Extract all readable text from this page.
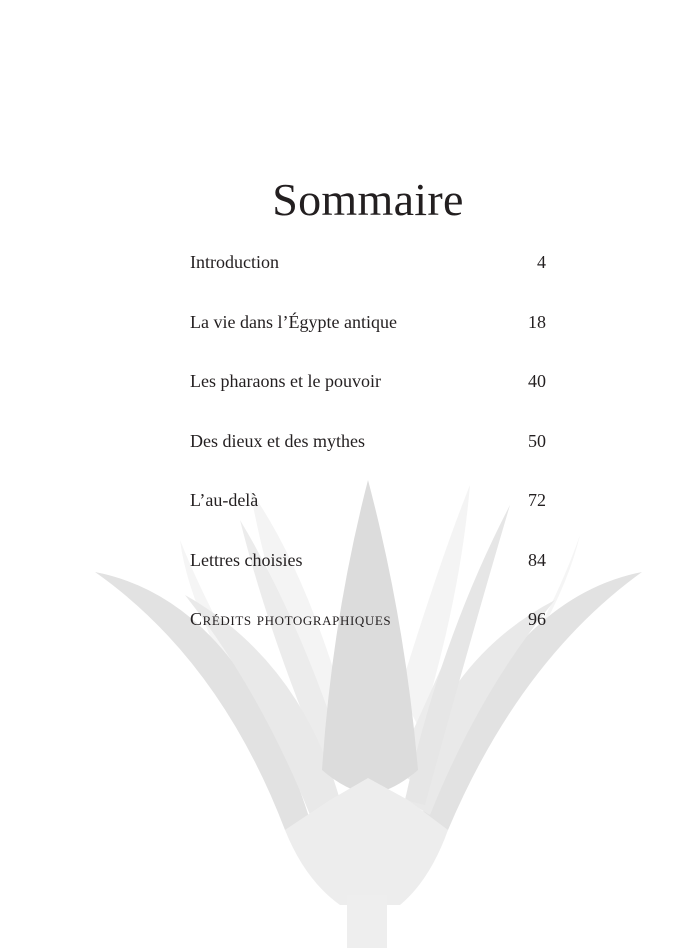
Sommaire
Introduction	4
La vie dans l’Égypte antique	18
Les pharaons et le pouvoir	40
Des dieux et des mythes	50
L’au-delà	72
Lettres choisies	84
Crédits photographiques	96
